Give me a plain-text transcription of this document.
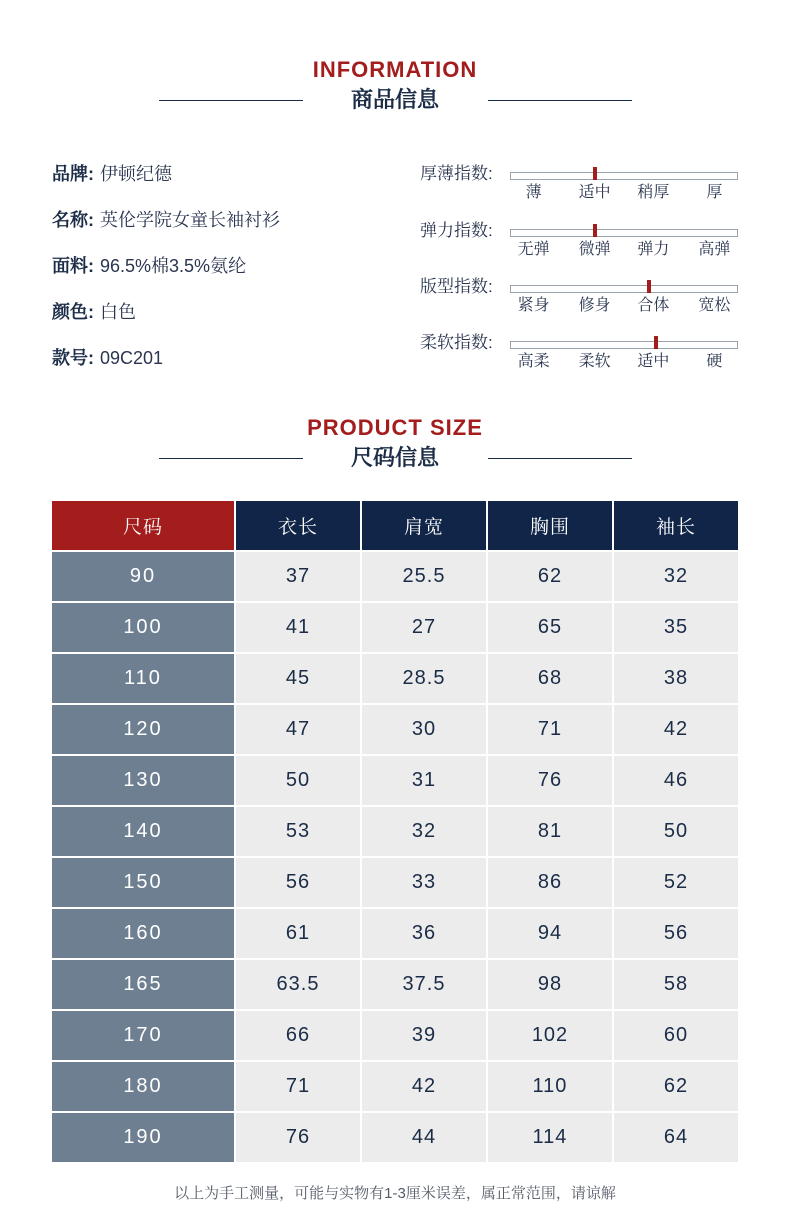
INFORMATION
商品信息
品牌: 伊顿纪德
名称: 英伦学院女童长袖衬衫
面料: 96.5%棉3.5%氨纶
颜色: 白色
款号: 09C201
厚薄指数:
薄 适中 稍厚 厚
弹力指数:
无弹 微弹 弹力 高弹
版型指数:
紧身 修身 合体 宽松
柔软指数:
高柔 柔软 适中 硬
PRODUCT SIZE
尺码信息
尺码	衣长	肩宽	胸围	袖长
90	37	25.5	62	32
100	41	27	65	35
110	45	28.5	68	38
120	47	30	71	42
130	50	31	76	46
140	53	32	81	50
150	56	33	86	52
160	61	36	94	56
165	63.5	37.5	98	58
170	66	39	102	60
180	71	42	110	62
190	76	44	114	64
以上为手工测量，可能与实物有1-3厘米误差，属正常范围，请谅解
